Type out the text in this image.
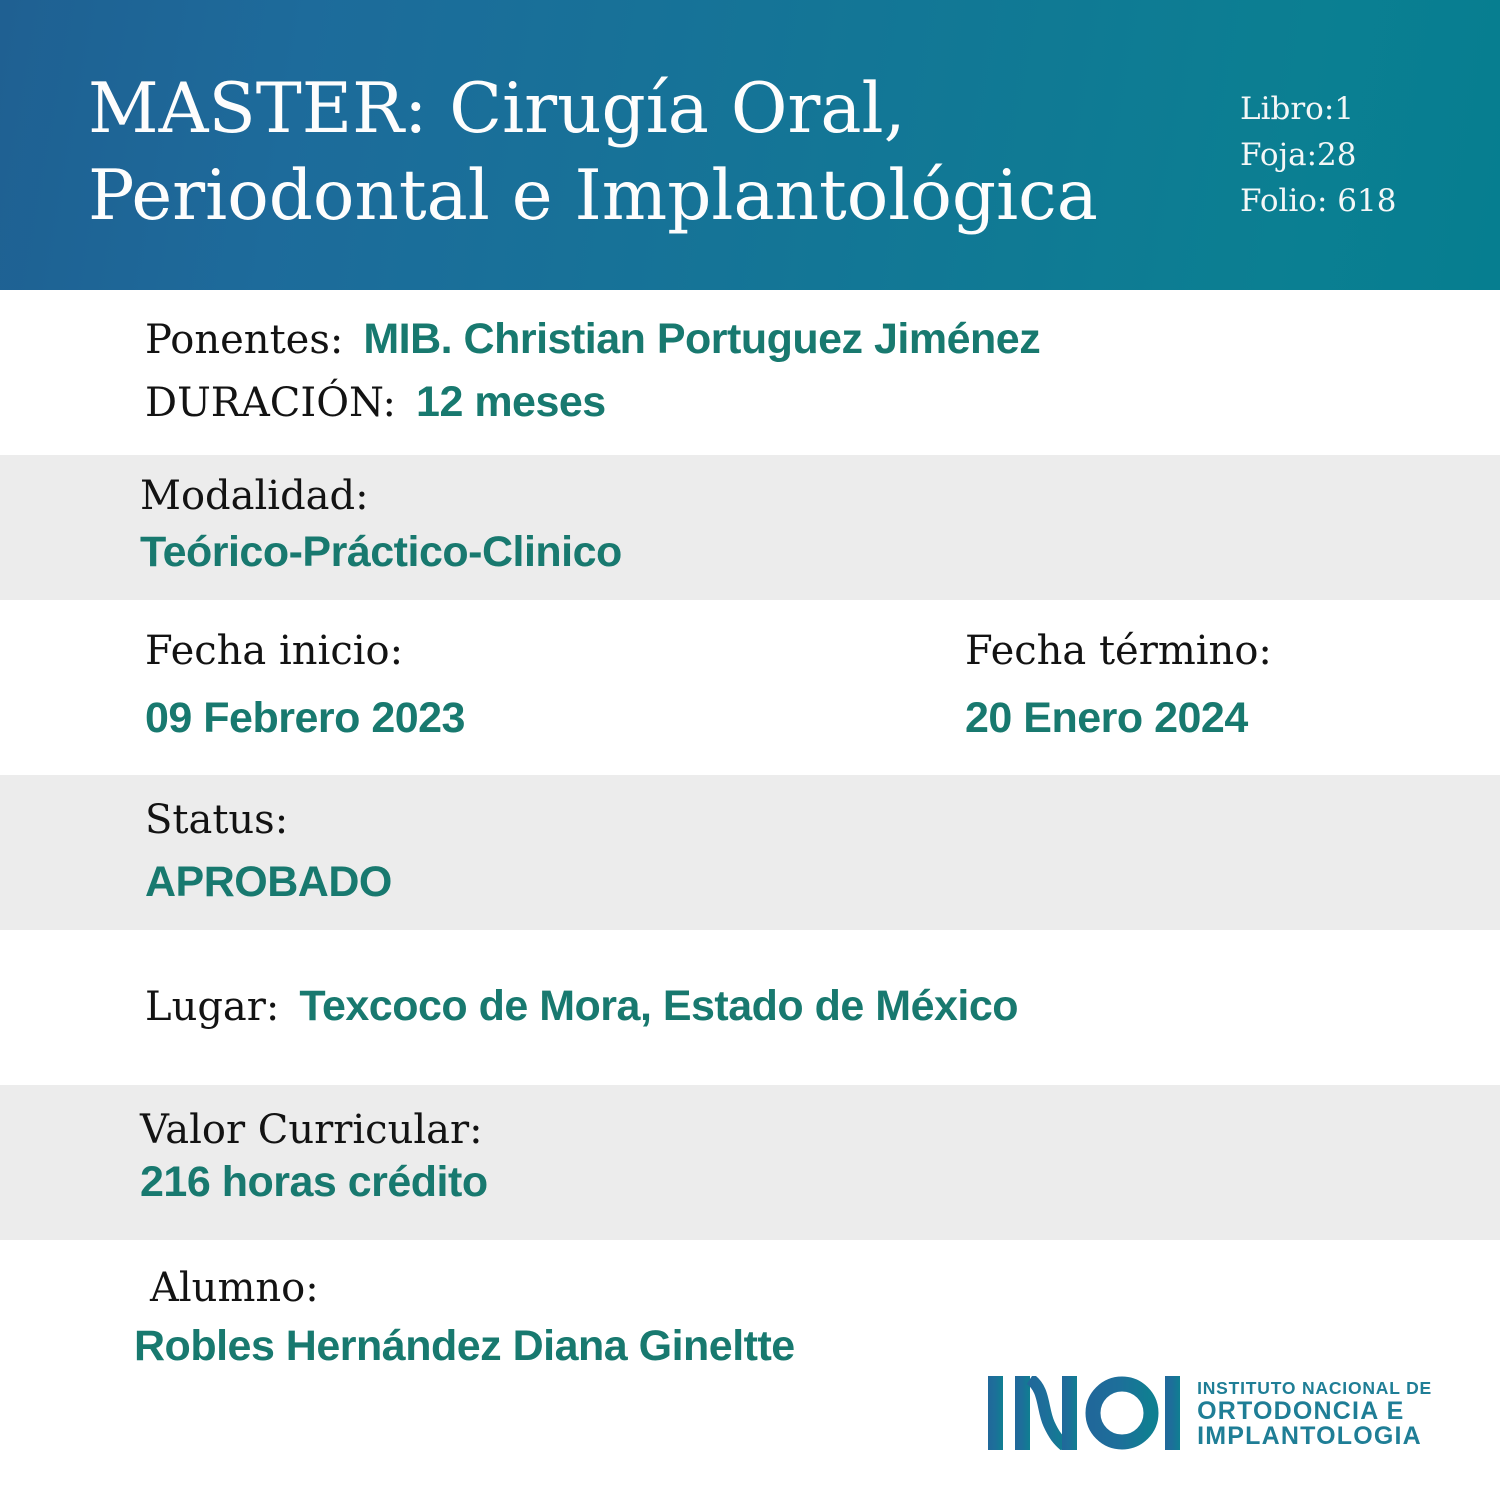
MASTER: Cirugía Oral,
Periodontal e Implantológica
Libro:1
Foja:28
Folio: 618
Ponentes: MIB. Christian Portuguez Jiménez
DURACIÓN: 12 meses
Modalidad:
Teórico-Práctico-Clinico
Fecha inicio:
09 Febrero 2023
Fecha término:
20 Enero 2024
Status:
APROBADO
Lugar: Texcoco de Mora, Estado de México
Valor Curricular:
216 horas crédito
Alumno:
Robles Hernández Diana Gineltte
INSTITUTO NACIONAL DE
ORTODONCIA E
IMPLANTOLOGIA
